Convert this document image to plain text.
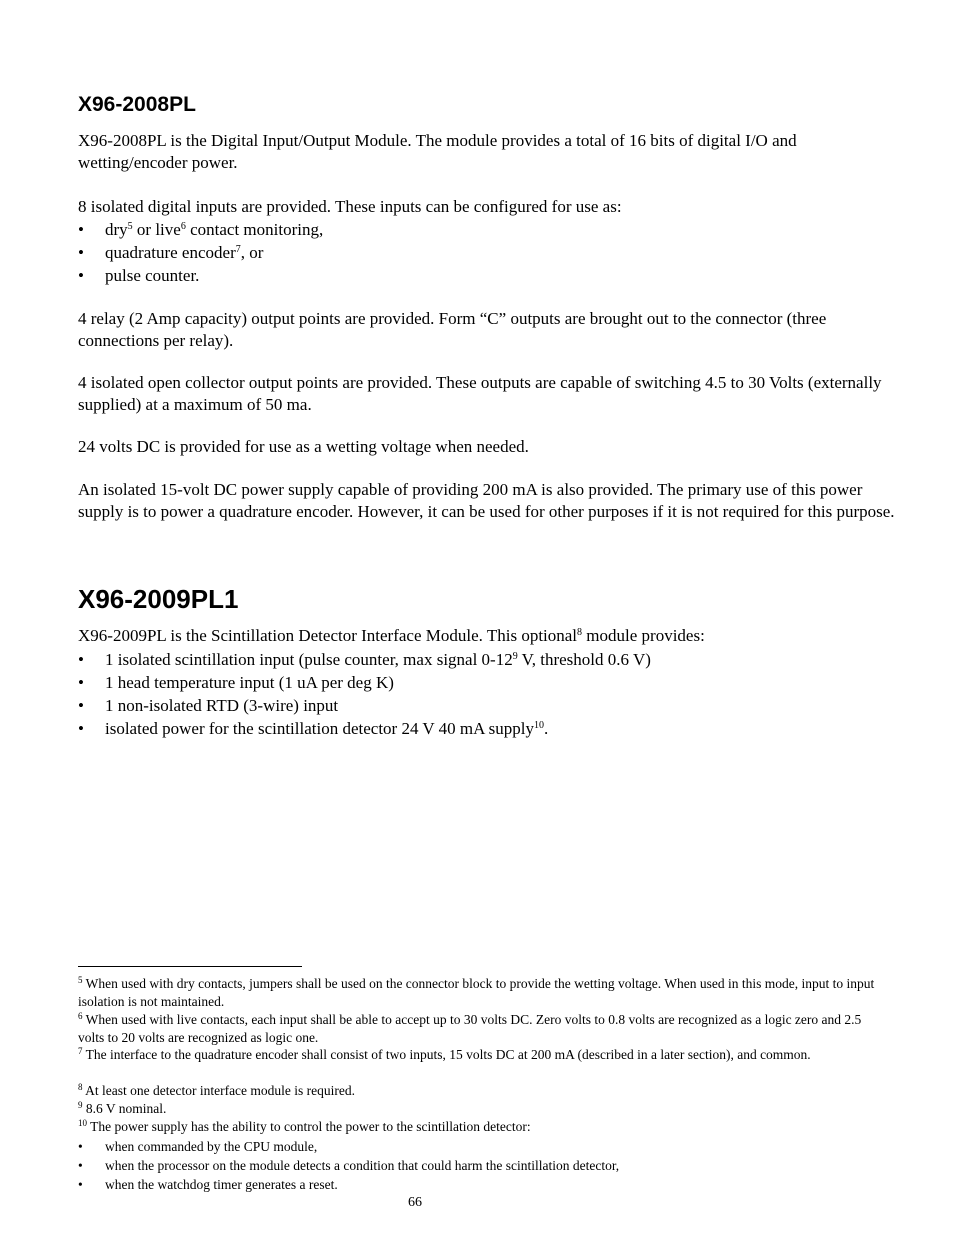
X96-2008PL

X96-2008PL is the Digital Input/Output Module. The module provides a total of 16 bits of digital I/O and wetting/encoder power.

8 isolated digital inputs are provided. These inputs can be configured for use as:

• dry$^5$ or live$^6$ contact monitoring,
• quadrature encoder$^7$, or
• pulse counter.

4 relay (2 Amp capacity) output points are provided. Form “C” outputs are brought out to the connector (three connections per relay).

4 isolated open collector output points are provided. These outputs are capable of switching 4.5 to 30 Volts (externally supplied) at a maximum of 50 ma.

24 volts DC is provided for use as a wetting voltage when needed.

An isolated 15-volt DC power supply capable of providing 200 mA is also provided. The primary use of this power supply is to power a quadrature encoder. However, it can be used for other purposes if it is not required for this purpose.

X96-2009PL1

X96-2009PL is the Scintillation Detector Interface Module. This optional$^8$ module provides:

• 1 isolated scintillation input (pulse counter, max signal $0-12^9$ V, threshold 0.6 V)
• 1 head temperature input (1 uA per deg K)
• 1 non-isolated RTD (3-wire) input
• isolated power for the scintillation detector 24 V 40 mA supply$^{10}$.
$^5$ When used with dry contacts, jumpers shall be used on the connector block to provide the wetting voltage. When used in this mode, input to input isolation is not maintained.
$^6$ When used with live contacts, each input shall be able to accept up to 30 volts DC. Zero volts to 0.8 volts are recognized as a logic zero and 2.5 volts to 20 volts are recognized as logic one.
$^7$ The interface to the quadrature encoder shall consist of two inputs, 15 volts DC at 200 mA (described in a later section), and common.
$^8$ At least one detector interface module is required.
$^9$ 8.6 V nominal.
$^{10}$ The power supply has the ability to control the power to the scintillation detector:
• when commanded by the CPU module,
• when the processor on the module detects a condition that could harm the scintillation detector,
• when the watchdog timer generates a reset.
66
